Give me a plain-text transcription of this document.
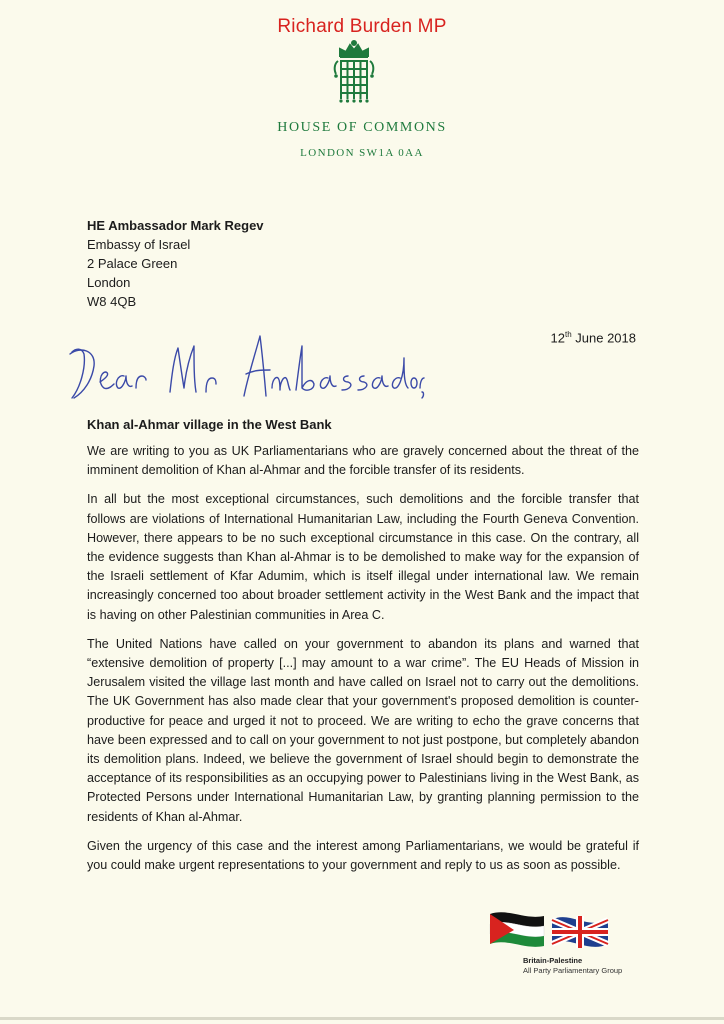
Richard Burden MP
HOUSE OF COMMONS
LONDON SW1A 0AA
HE Ambassador Mark Regev
Embassy of Israel
2 Palace Green
London
W8 4QB
12th June 2018
Khan al-Ahmar village in the West Bank

We are writing to you as UK Parliamentarians who are gravely concerned about the threat of the imminent demolition of Khan al-Ahmar and the forcible transfer of its residents.

In all but the most exceptional circumstances, such demolitions and the forcible transfer that follows are violations of International Humanitarian Law, including the Fourth Geneva Convention. However, there appears to be no such exceptional circumstance in this case. On the contrary, all the evidence suggests than Khan al-Ahmar is to be demolished to make way for the expansion of the Israeli settlement of Kfar Adumim, which is itself illegal under international law. We remain increasingly concerned too about broader settlement activity in the West Bank and the impact that is having on other Palestinian communities in Area C.

The United Nations have called on your government to abandon its plans and warned that “extensive demolition of property [...] may amount to a war crime”. The EU Heads of Mission in Jerusalem visited the village last month and have called on Israel not to carry out the demolitions. The UK Government has also made clear that your government's proposed demolition is counter-productive for peace and urged it not to proceed. We are writing to echo the grave concerns that have been expressed and to call on your government to not just postpone, but completely abandon its demolition plans. Indeed, we believe the government of Israel should begin to demonstrate the acceptance of its responsibilities as an occupying power to Palestinians living in the West Bank, as Protected Persons under International Humanitarian Law, by granting planning permission to the residents of Khan al-Ahmar.

Given the urgency of this case and the interest among Parliamentarians, we would be grateful if you could make urgent representations to your government and reply to us as soon as possible.

Britain-Palestine
All Party Parliamentary Group
